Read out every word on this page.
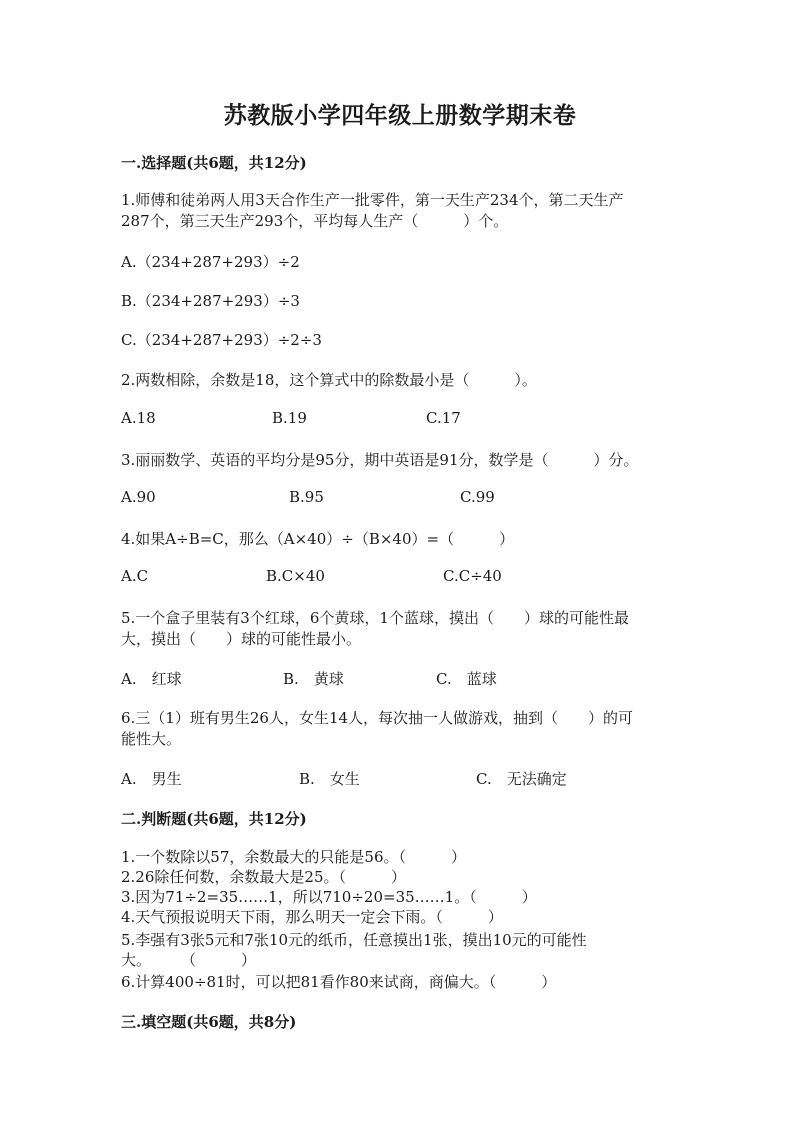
苏教版小学四年级上册数学期末卷
一.选择题(共6题，共12分)
1.师傅和徒弟两人用3天合作生产一批零件，第一天生产234个，第二天生产
287个，第三天生产293个，平均每人生产（　　　）个。
A.（234+287+293）÷2
B.（234+287+293）÷3
C.（234+287+293）÷2÷3
2.两数相除，余数是18，这个算式中的除数最小是（　　　）。
A.18	B.19	C.17
3.丽丽数学、英语的平均分是95分，期中英语是91分，数学是（　　　）分。
A.90	B.95	C.99
4.如果A÷B=C，那么（A×40）÷（B×40）=（　　　）
A.C	B.C×40	C.C÷40
5.一个盒子里装有3个红球，6个黄球，1个蓝球，摸出（　　）球的可能性最
大，摸出（　　）球的可能性最小。
A.　红球	B.　黄球	C.　蓝球
6.三（1）班有男生26人，女生14人，每次抽一人做游戏，抽到（　　）的可
能性大。
A.　男生	B.　女生	C.　无法确定
二.判断题(共6题，共12分)
1.一个数除以57，余数最大的只能是56。（　　　）
2.26除任何数，余数最大是25。（　　　）
3.因为71÷2=35……1，所以710÷20=35……1。（　　　）
4.天气预报说明天下雨，那么明天一定会下雨。（　　　）
5.李强有3张5元和7张10元的纸币，任意摸出1张，摸出10元的可能性
大。　　　（　　　）
6.计算400÷81时，可以把81看作80来试商，商偏大。（　　　）
三.填空题(共6题，共8分)
